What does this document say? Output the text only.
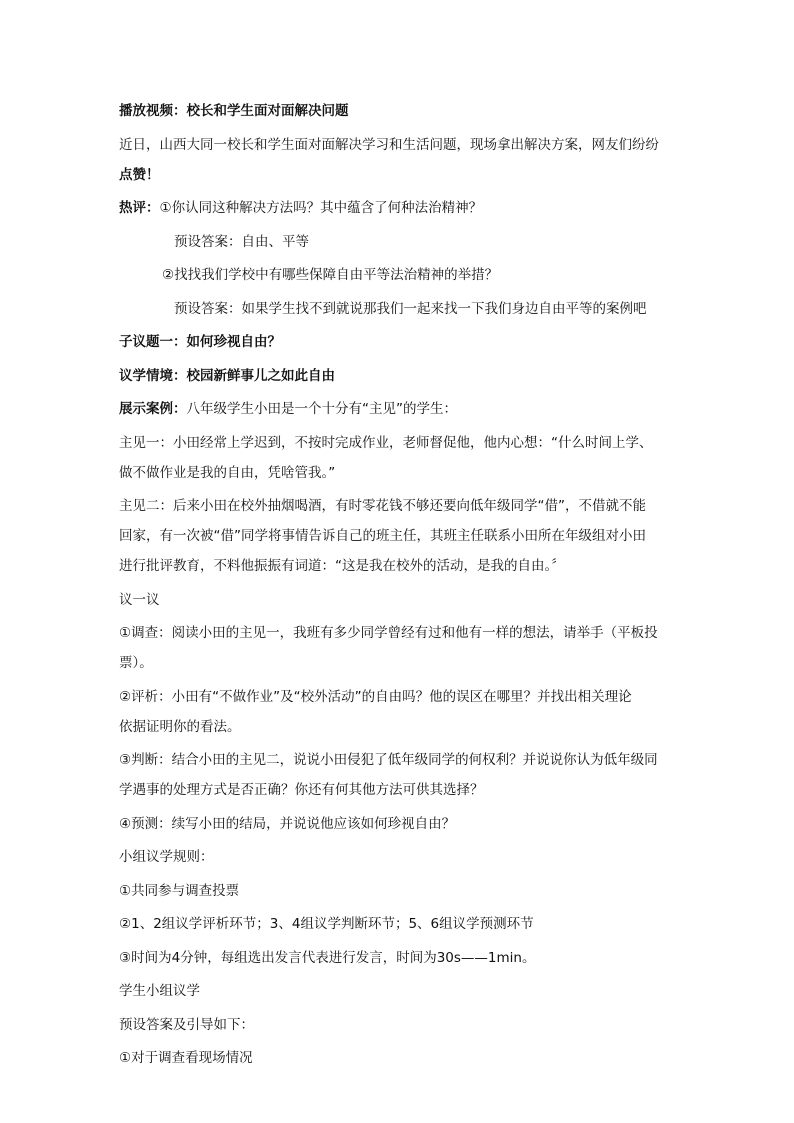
播放视频：校长和学生面对面解决问题
近日，山西大同一校长和学生面对面解决学习和生活问题，现场拿出解决方案，网友们纷纷
点赞！
热评：①你认同这种解决方法吗？其中蕴含了何种法治精神？
预设答案：自由、平等
②找找我们学校中有哪些保障自由平等法治精神的举措？
预设答案：如果学生找不到就说那我们一起来找一下我们身边自由平等的案例吧
子议题一：如何珍视自由？
议学情境：校园新鲜事儿之如此自由
展示案例：八年级学生小田是一个十分有“主见”的学生：
主见一：小田经常上学迟到，不按时完成作业，老师督促他，他内心想：“什么时间上学、
做不做作业是我的自由，凭啥管我。”
主见二：后来小田在校外抽烟喝酒，有时零花钱不够还要向低年级同学“借”，不借就不能
回家，有一次被“借”同学将事情告诉自己的班主任，其班主任联系小田所在年级组对小田
进行批评教育，不料他振振有词道：“这是我在校外的活动，是我的自由。〞
议一议
①调查：阅读小田的主见一，我班有多少同学曾经有过和他有一样的想法，请举手（平板投
票）。
②评析：小田有“不做作业”及“校外活动”的自由吗？他的误区在哪里？并找出相关理论
依据证明你的看法。
③判断：结合小田的主见二，说说小田侵犯了低年级同学的何权利？并说说你认为低年级同
学遇事的处理方式是否正确？你还有何其他方法可供其选择？
④预测：续写小田的结局，并说说他应该如何珍视自由？
小组议学规则：
①共同参与调查投票
②1、2组议学评析环节；3、4组议学判断环节；5、6组议学预测环节
③时间为4分钟，每组选出发言代表进行发言，时间为30s——1min。
学生小组议学
预设答案及引导如下：
①对于调查看现场情况
